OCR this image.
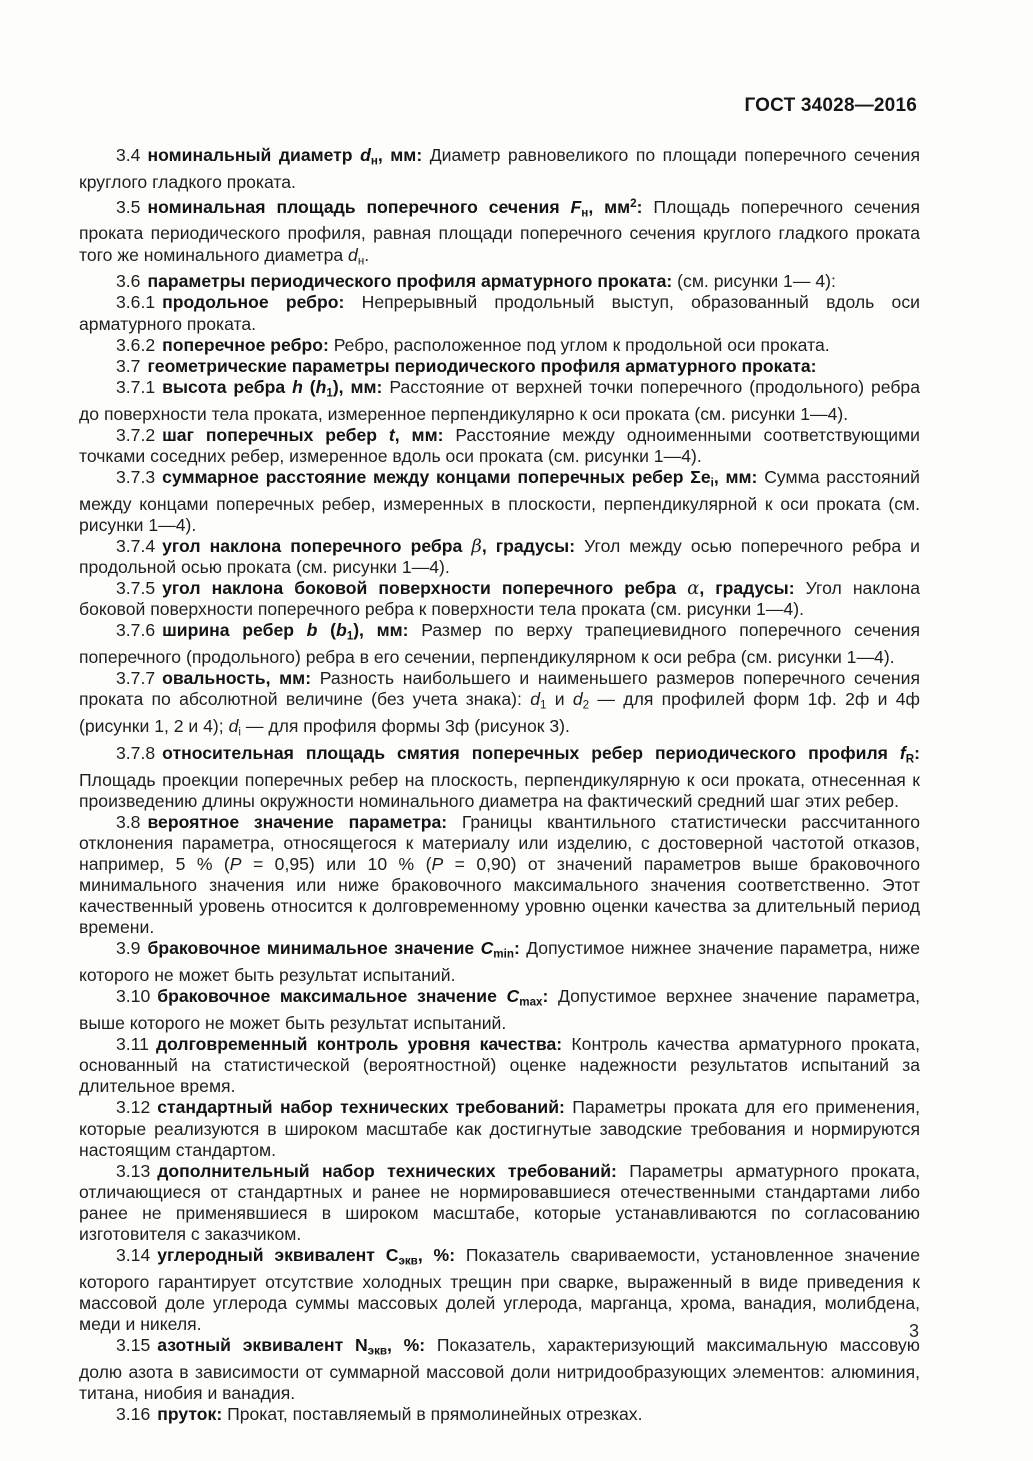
ГОСТ 34028—2016

3.4 номинальный диаметр $d_н$, мм: Диаметр равновеликого по площади поперечного сечения круглого гладкого проката.

3.5 номинальная площадь поперечного сечения $F_н$, $мм^2$: Площадь поперечного сечения проката периодического профиля, равная площади поперечного сечения круглого гладкого проката того же номинального диаметра $d_н$.

3.6 параметры периодического профиля арматурного проката: (см. рисунки 1— 4):

3.6.1 продольное ребро: Непрерывный продольный выступ, образованный вдоль оси арматурного проката.

3.6.2 поперечное ребро: Ребро, расположенное под углом к продольной оси проката.

3.7 геометрические параметры периодического профиля арматурного проката:

3.7.1 высота ребра h $(h_1)$, мм: Расстояние от верхней точки поперечного (продольного) ребра до поверхности тела проката, измеренное перпендикулярно к оси проката (см. рисунки 1—4).

3.7.2 шаг поперечных ребер t, мм: Расстояние между одноименными соответствующими точками соседних ребер, измеренное вдоль оси проката (см. рисунки 1—4).

3.7.3 суммарное расстояние между концами поперечных ребер $\Sigma е_i$, мм: Сумма расстояний между концами поперечных ребер, измеренных в плоскости, перпендикулярной к оси проката (см. рисунки 1—4).

3.7.4 угол наклона поперечного ребра β, градусы: Угол между осью поперечного ребра и продольной осью проката (см. рисунки 1—4).

3.7.5 угол наклона боковой поверхности поперечного ребра α, градусы: Угол наклона боковой поверхности поперечного ребра к поверхности тела проката (см. рисунки 1—4).

3.7.6 ширина ребер b $(b_1)$, мм: Размер по верху трапециевидного поперечного сечения поперечного (продольного) ребра в его сечении, перпендикулярном к оси ребра (см. рисунки 1—4).

3.7.7 овальность, мм: Разность наибольшего и наименьшего размеров поперечного сечения проката по абсолютной величине (без учета знака): $d_1$ и $d_2$ — для профилей форм 1ф. 2ф и 4ф (рисунки 1, 2 и 4); $d_i$ — для профиля формы 3ф (рисунок 3).

3.7.8 относительная площадь смятия поперечных ребер периодического профиля $f_R$: Площадь проекции поперечных ребер на плоскость, перпендикулярную к оси проката, отнесенная к произведению длины окружности номинального диаметра на фактический средний шаг этих ребер.

3.8 вероятное значение параметра: Границы квантильного статистически рассчитанного отклонения параметра, относящегося к материалу или изделию, с достоверной частотой отказов, например, 5 % (P = 0,95) или 10 % (P = 0,90) от значений параметров выше браковочного минимального значения или ниже браковочного максимального значения соответственно. Этот качественный уровень относится к долговременному уровню оценки качества за длительный период времени.

3.9 браковочное минимальное значение $C_{min}$: Допустимое нижнее значение параметра, ниже которого не может быть результат испытаний.

3.10 браковочное максимальное значение $C_{max}$: Допустимое верхнее значение параметра, выше которого не может быть результат испытаний.

3.11 долговременный контроль уровня качества: Контроль качества арматурного проката, основанный на статистической (вероятностной) оценке надежности результатов испытаний за длительное время.

3.12 стандартный набор технических требований: Параметры проката для его применения, которые реализуются в широком масштабе как достигнутые заводские требования и нормируются настоящим стандартом.

3.13 дополнительный набор технических требований: Параметры арматурного проката, отличающиеся от стандартных и ранее не нормировавшиеся отечественными стандартами либо ранее не применявшиеся в широком масштабе, которые устанавливаются по согласованию изготовителя с заказчиком.

3.14 углеродный эквивалент $С_{экв}$, %: Показатель свариваемости, установленное значение которого гарантирует отсутствие холодных трещин при сварке, выраженный в виде приведения к массовой доле углерода суммы массовых долей углерода, марганца, хрома, ванадия, молибдена, меди и никеля.

3.15 азотный эквивалент $N_{экв}$, %: Показатель, характеризующий максимальную массовую долю азота в зависимости от суммарной массовой доли нитридообразующих элементов: алюминия, титана, ниобия и ванадия.

3.16 пруток: Прокат, поставляемый в прямолинейных отрезках.

3
